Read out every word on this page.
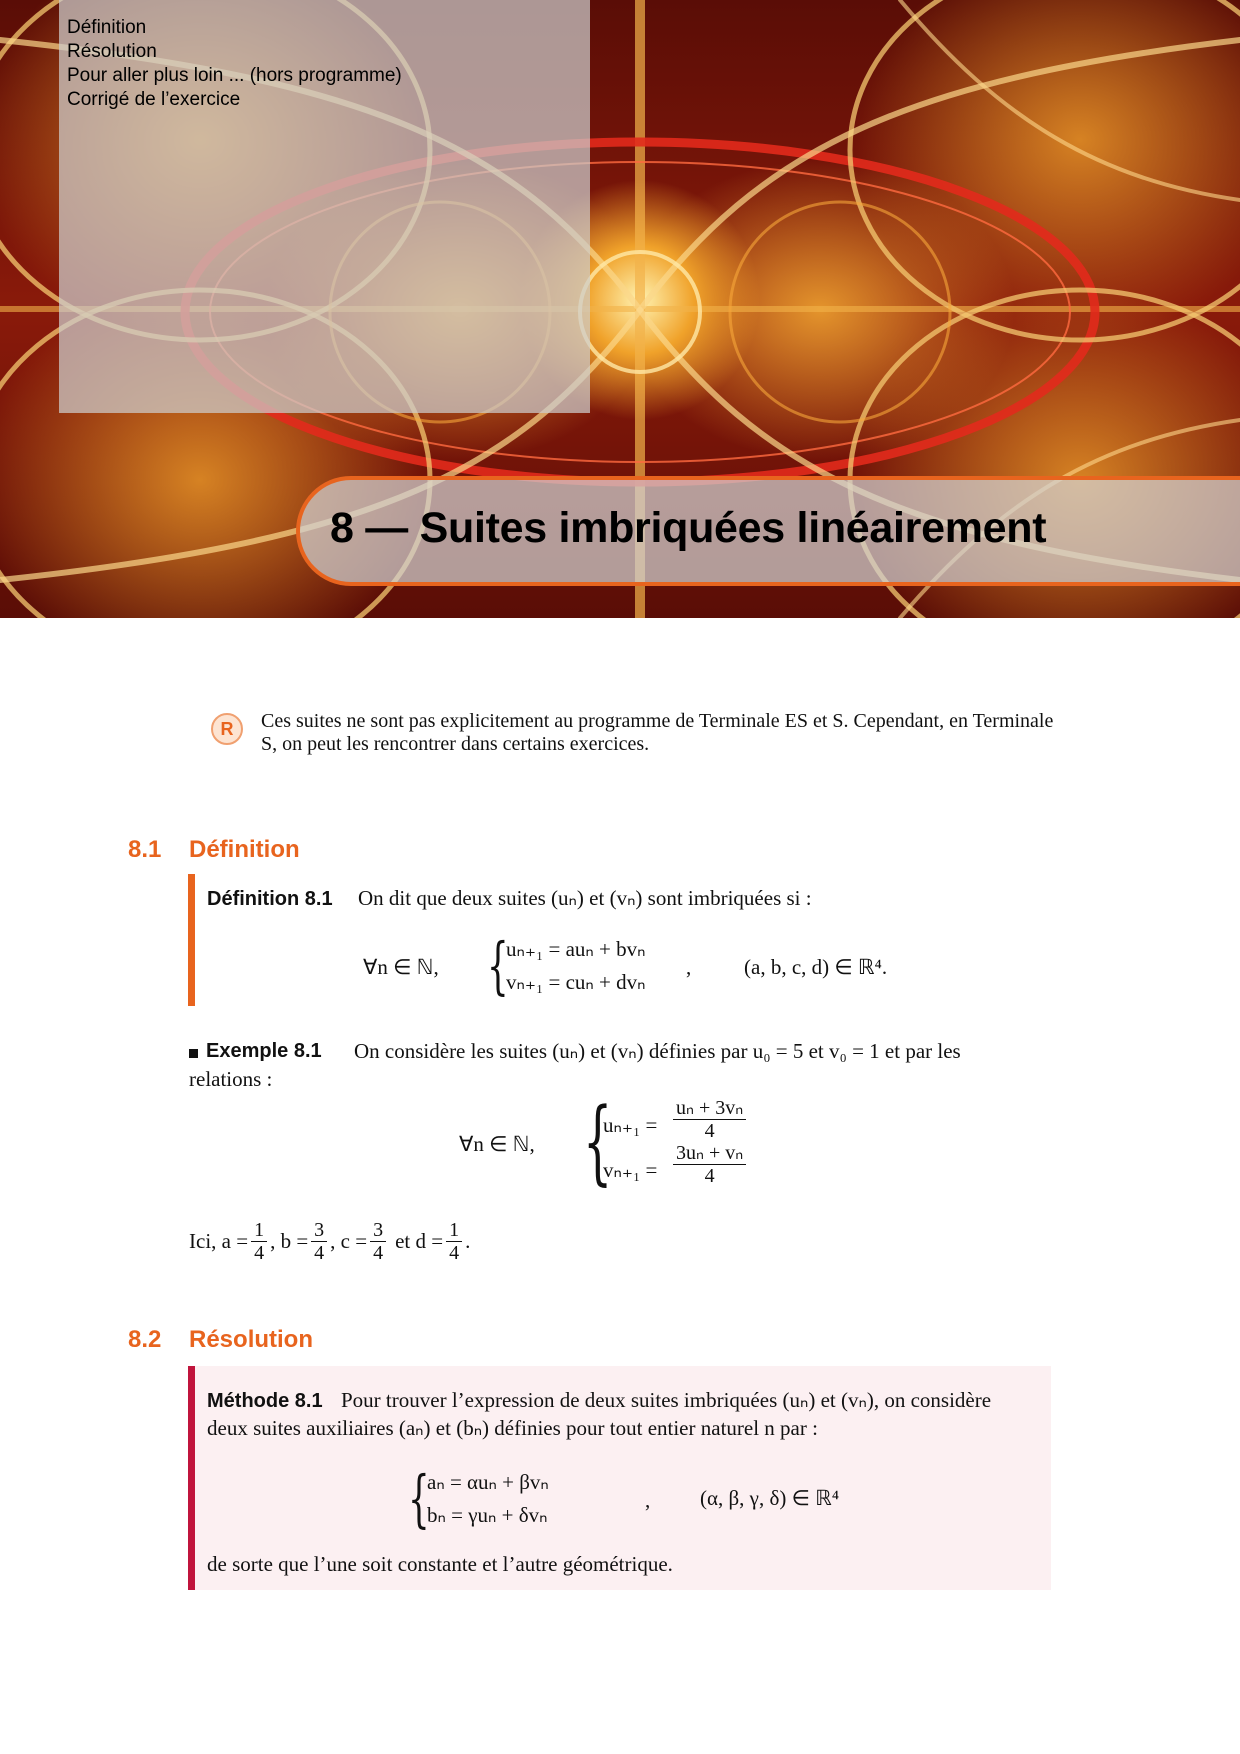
Définition
Résolution
Pour aller plus loin ... (hors programme)
Corrigé de l’exercice
8 — Suites imbriquées linéairement
R	Ces suites ne sont pas explicitement au programme de Terminale ES et S. Cependant, en Terminale S, on peut les rencontrer dans certains exercices.
8.1 Définition
Définition 8.1 On dit que deux suites (uₙ) et (vₙ) sont imbriquées si :
∀n ∈ ℕ, {
uₙ₊₁ = auₙ + bvₙ
vₙ₊₁ = cuₙ + dvₙ
,	(a, b, c, d) ∈ ℝ⁴.
Exemple 8.1 On considère les suites (uₙ) et (vₙ) définies par u₀ = 5 et v₀ = 1 et par les
relations :
∀n ∈ ℕ, {
$u_{n+1} = \frac{\text{uₙ + 3vₙ}}{4}$
$v_{n+1} = \frac{\text{3uₙ + vₙ}}{4}$
Ici, $a = \frac{1}{4}$ , $b = \frac{3}{4}$ , $c = \frac{3}{4}$ et $d = \frac{1}{4}$ .
8.2 Résolution
Méthode 8.1 Pour trouver l’expression de deux suites imbriquées (uₙ) et (vₙ), on considère
deux suites auxiliaires (aₙ) et (bₙ) définies pour tout entier naturel n par :
{
aₙ = αuₙ + βvₙ
bₙ = γuₙ + δvₙ
, (α, β, γ, δ) ∈ ℝ⁴
de sorte que l’une soit constante et l’autre géométrique.
